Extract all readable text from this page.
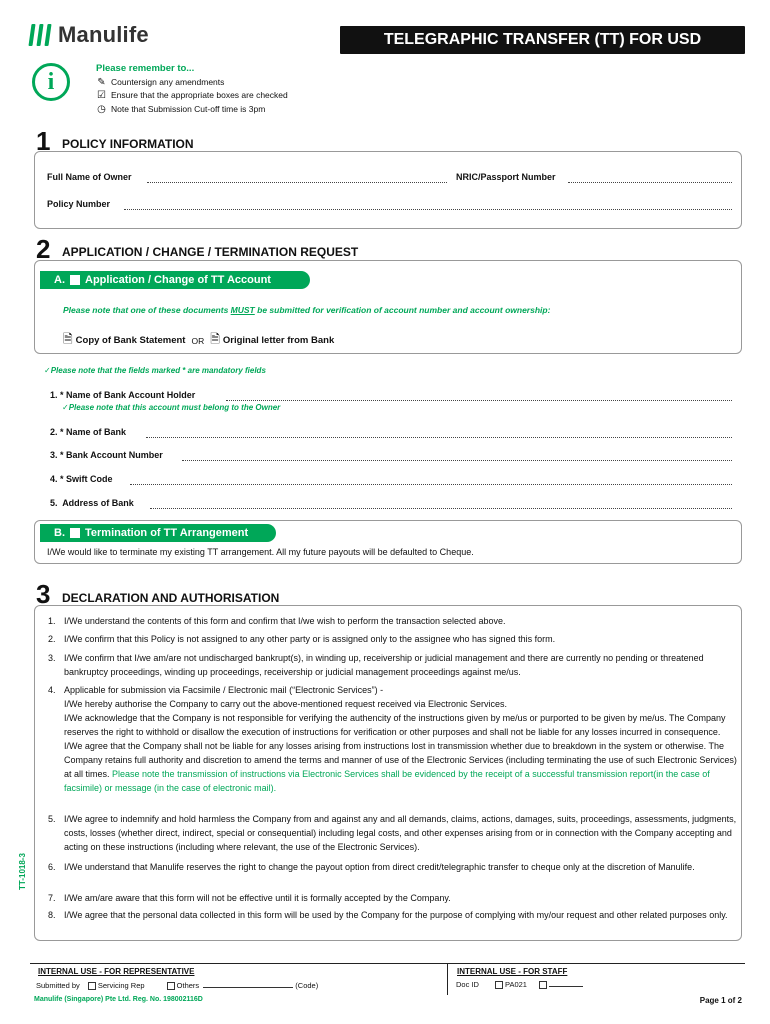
Manulife	TELEGRAPHIC TRANSFER (TT) FOR USD
i	Please remember to...
✎ Countersign any amendments
☑ Ensure that the appropriate boxes are checked
◷ Note that Submission Cut-off time is 3pm
1 POLICY INFORMATION
Full Name of Owner	NRIC/Passport Number
Policy Number
2 APPLICATION / CHANGE / TERMINATION REQUEST
A. Application / Change of TT Account
Please note that one of these documents MUST be submitted for verification of account number and account ownership:
🗎 Copy of Bank Statement OR 🗎 Original letter from Bank
✓Please note that the fields marked * are mandatory fields
1. * Name of Bank Account Holder
✓Please note that this account must belong to the Owner
2. * Name of Bank
3. * Bank Account Number
4. * Swift Code
5. Address of Bank
B. Termination of TT Arrangement
I/We would like to terminate my existing TT arrangement. All my future payouts will be defaulted to Cheque.
3 DECLARATION AND AUTHORISATION
1. I/We understand the contents of this form and confirm that I/we wish to perform the transaction selected above.
2. I/We confirm that this Policy is not assigned to any other party or is assigned only to the assignee who has signed this form.
3. I/We confirm that I/we am/are not undischarged bankrupt(s), in winding up, receivership or judicial management and there are currently no pending or threatened bankruptcy proceedings, winding up proceedings, receivership or judicial management proceedings against me/us.
4. Applicable for submission via Facsimile / Electronic mail (“Electronic Services”) -
I/We hereby authorise the Company to carry out the above-mentioned request received via Electronic Services.
I/We acknowledge that the Company is not responsible for verifying the authencity of the instructions given by me/us or purported to be given by me/us. The Company reserves the right to withhold or disallow the execution of instructions for verification or other purposes and shall not be liable for any losses incurred in consequence. I/We agree that the Company shall not be liable for any losses arising from instructions lost in transmission whether due to breakdown in the system or otherwise. The Company retains full authority and discretion to amend the terms and manner of use of the Electronic Services (including terminating the use of such Electronic Services) at all times. Please note the transmission of instructions via Electronic Services shall be evidenced by the receipt of a successful transmission report(in the case of facsimile) or message (in the case of electronic mail).
5. I/We agree to indemnify and hold harmless the Company from and against any and all demands, claims, actions, damages, suits, proceedings, assessments, judgments, costs, losses (whether direct, indirect, special or consequential) including legal costs, and other expenses arising from or in connection with the Company accepting and acting on these instructions (including where relevant, the use of the Electronic Services).
6. I/We understand that Manulife reserves the right to change the payout option from direct credit/telegraphic transfer to cheque only at the discretion of Manulife.
7. I/We am/are aware that this form will not be effective until it is formally accepted by the Company.
8. I/We agree that the personal data collected in this form will be used by the Company for the purpose of complying with my/our request and other related purposes only.
TT-1018-3
INTERNAL USE - FOR REPRESENTATIVE
Submitted by Servicing Rep	Others	(Code)
INTERNAL USE - FOR STAFF
Doc ID	PA021
Manulife (Singapore) Pte Ltd. Reg. No. 198002116D	Page 1 of 2
